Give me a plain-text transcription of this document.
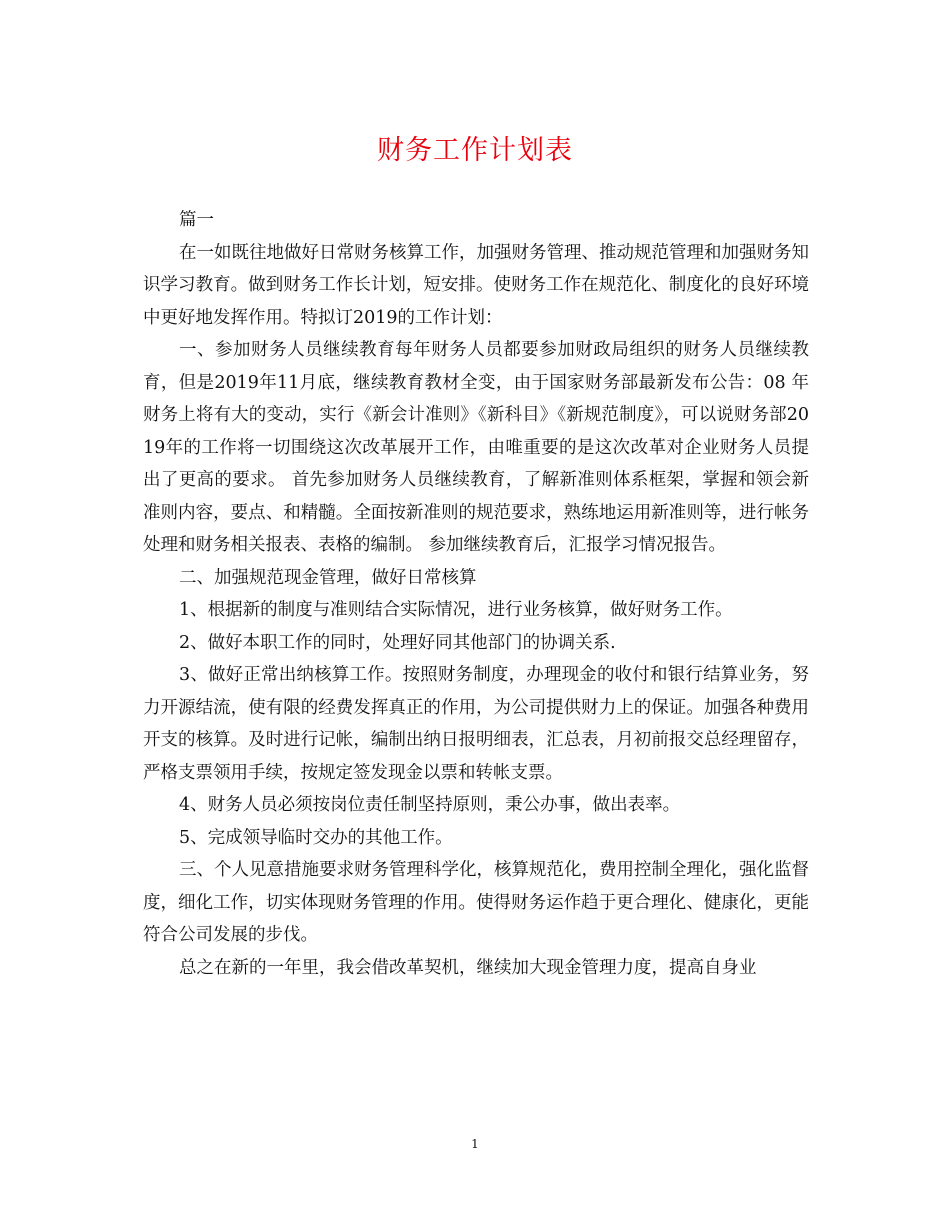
财务工作计划表

篇一

在一如既往地做好日常财务核算工作，加强财务管理、推动规范管理和加强财务知识学习教育。做到财务工作长计划，短安排。使财务工作在规范化、制度化的良好环境中更好地发挥作用。特拟订2019的工作计划：

一、参加财务人员继续教育每年财务人员都要参加财政局组织的财务人员继续教育，但是2019年11月底，继续教育教材全变，由于国家财务部最新发布公告：08 年财务上将有大的变动，实行《新会计准则》《新科目》《新规范制度》，可以说财务部2019年的工作将一切围绕这次改革展开工作，由唯重要的是这次改革对企业财务人员提出了更高的要求。 首先参加财务人员继续教育，了解新准则体系框架，掌握和领会新准则内容，要点、和精髓。全面按新准则的规范要求，熟练地运用新准则等，进行帐务处理和财务相关报表、表格的编制。 参加继续教育后，汇报学习情况报告。

二、加强规范现金管理，做好日常核算

1、根据新的制度与准则结合实际情况，进行业务核算，做好财务工作。

2、做好本职工作的同时，处理好同其他部门的协调关系.

3、做好正常出纳核算工作。按照财务制度，办理现金的收付和银行结算业务，努力开源结流，使有限的经费发挥真正的作用，为公司提供财力上的保证。加强各种费用开支的核算。及时进行记帐，编制出纳日报明细表，汇总表，月初前报交总经理留存，严格支票领用手续，按规定签发现金以票和转帐支票。

4、财务人员必须按岗位责任制坚持原则，秉公办事，做出表率。

5、完成领导临时交办的其他工作。

三、个人见意措施要求财务管理科学化，核算规范化，费用控制全理化，强化监督度，细化工作，切实体现财务管理的作用。使得财务运作趋于更合理化、健康化，更能符合公司发展的步伐。

总之在新的一年里，我会借改革契机，继续加大现金管理力度，提高自身业

1
